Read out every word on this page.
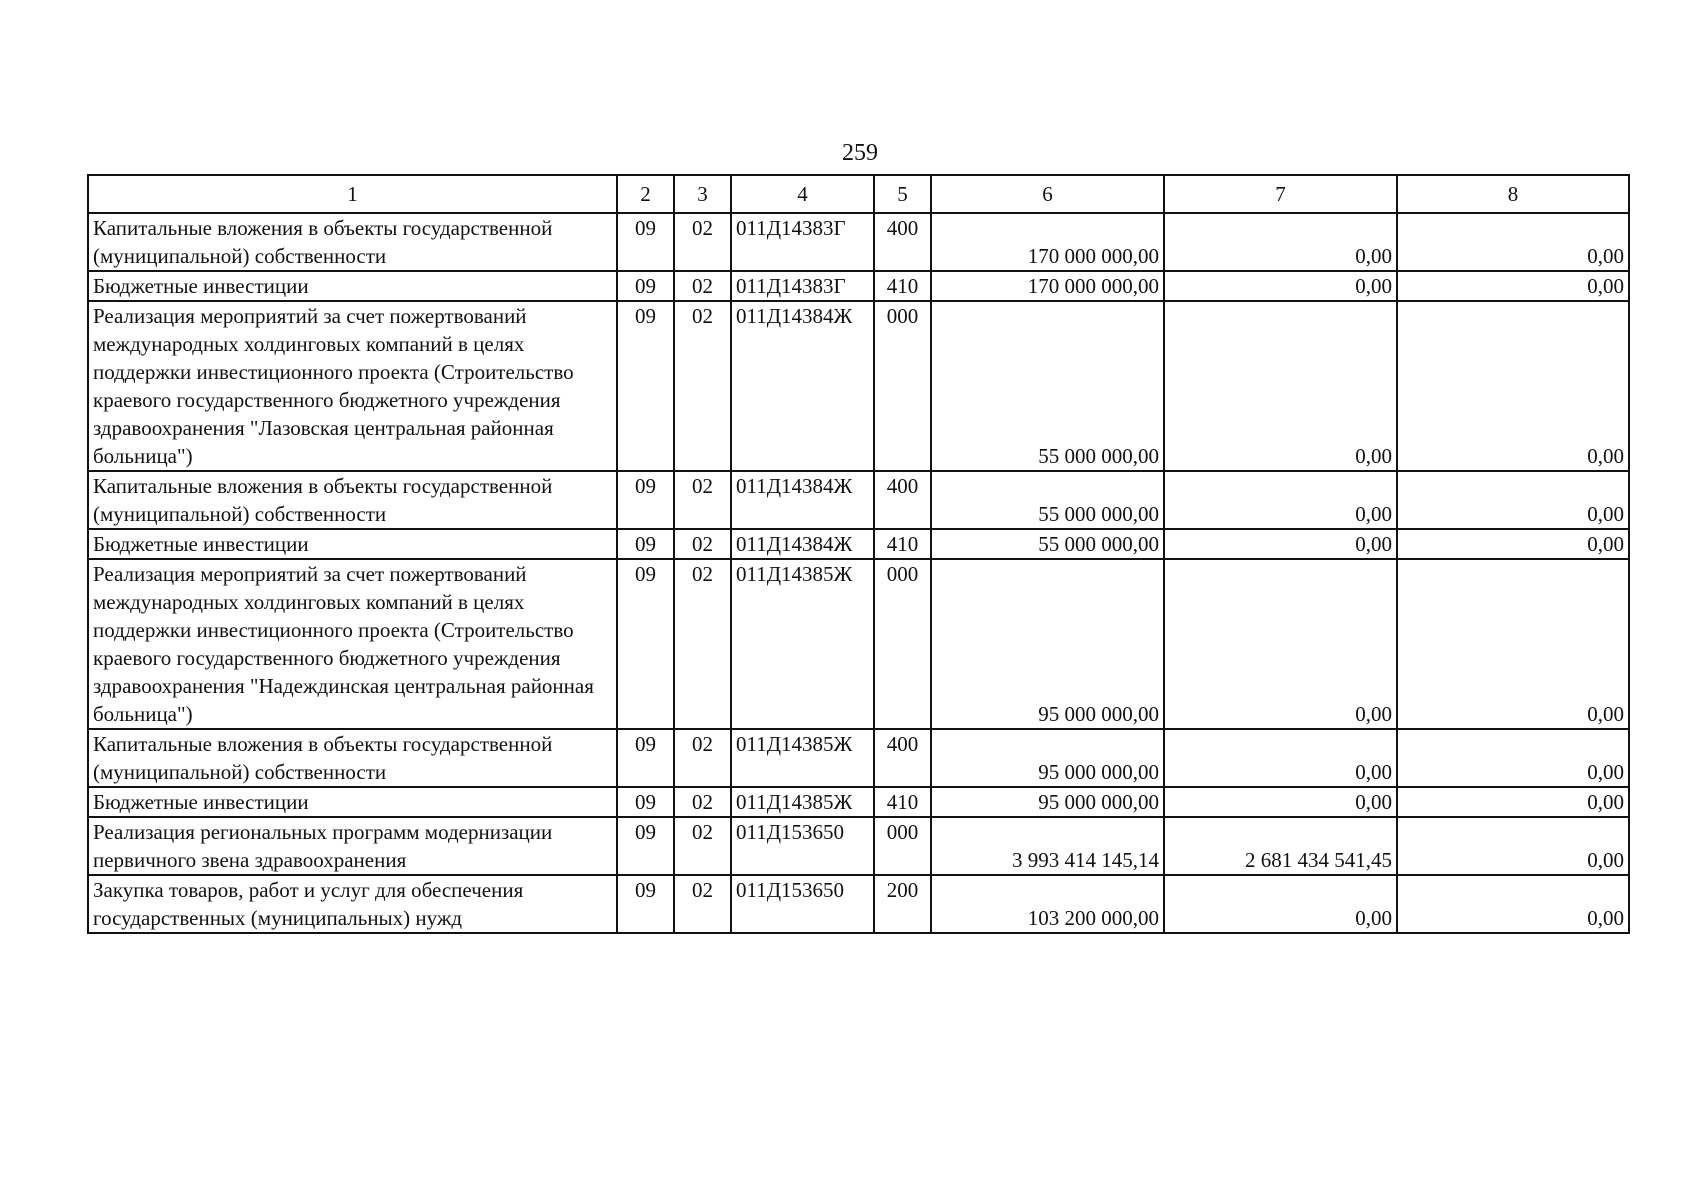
259
1	2	3	4	5	6	7	8
Капитальные вложения в объекты государственной (муниципальной) собственности	09	02	011Д14383Г	400	170 000 000,00	0,00	0,00
Бюджетные инвестиции	09	02	011Д14383Г	410	170 000 000,00	0,00	0,00
Реализация мероприятий за счет пожертвований международных холдинговых компаний в целях поддержки инвестиционного проекта (Строительство краевого государственного бюджетного учреждения здравоохранения "Лазовская центральная районная больница")	09	02	011Д14384Ж	000	55 000 000,00	0,00	0,00
Капитальные вложения в объекты государственной (муниципальной) собственности	09	02	011Д14384Ж	400	55 000 000,00	0,00	0,00
Бюджетные инвестиции	09	02	011Д14384Ж	410	55 000 000,00	0,00	0,00
Реализация мероприятий за счет пожертвований международных холдинговых компаний в целях поддержки инвестиционного проекта (Строительство краевого государственного бюджетного учреждения здравоохранения "Надеждинская центральная районная больница")	09	02	011Д14385Ж	000	95 000 000,00	0,00	0,00
Капитальные вложения в объекты государственной (муниципальной) собственности	09	02	011Д14385Ж	400	95 000 000,00	0,00	0,00
Бюджетные инвестиции	09	02	011Д14385Ж	410	95 000 000,00	0,00	0,00
Реализация региональных программ модернизации первичного звена здравоохранения	09	02	011Д153650	000	3 993 414 145,14	2 681 434 541,45	0,00
Закупка товаров, работ и услуг для обеспечения государственных (муниципальных) нужд	09	02	011Д153650	200	103 200 000,00	0,00	0,00
